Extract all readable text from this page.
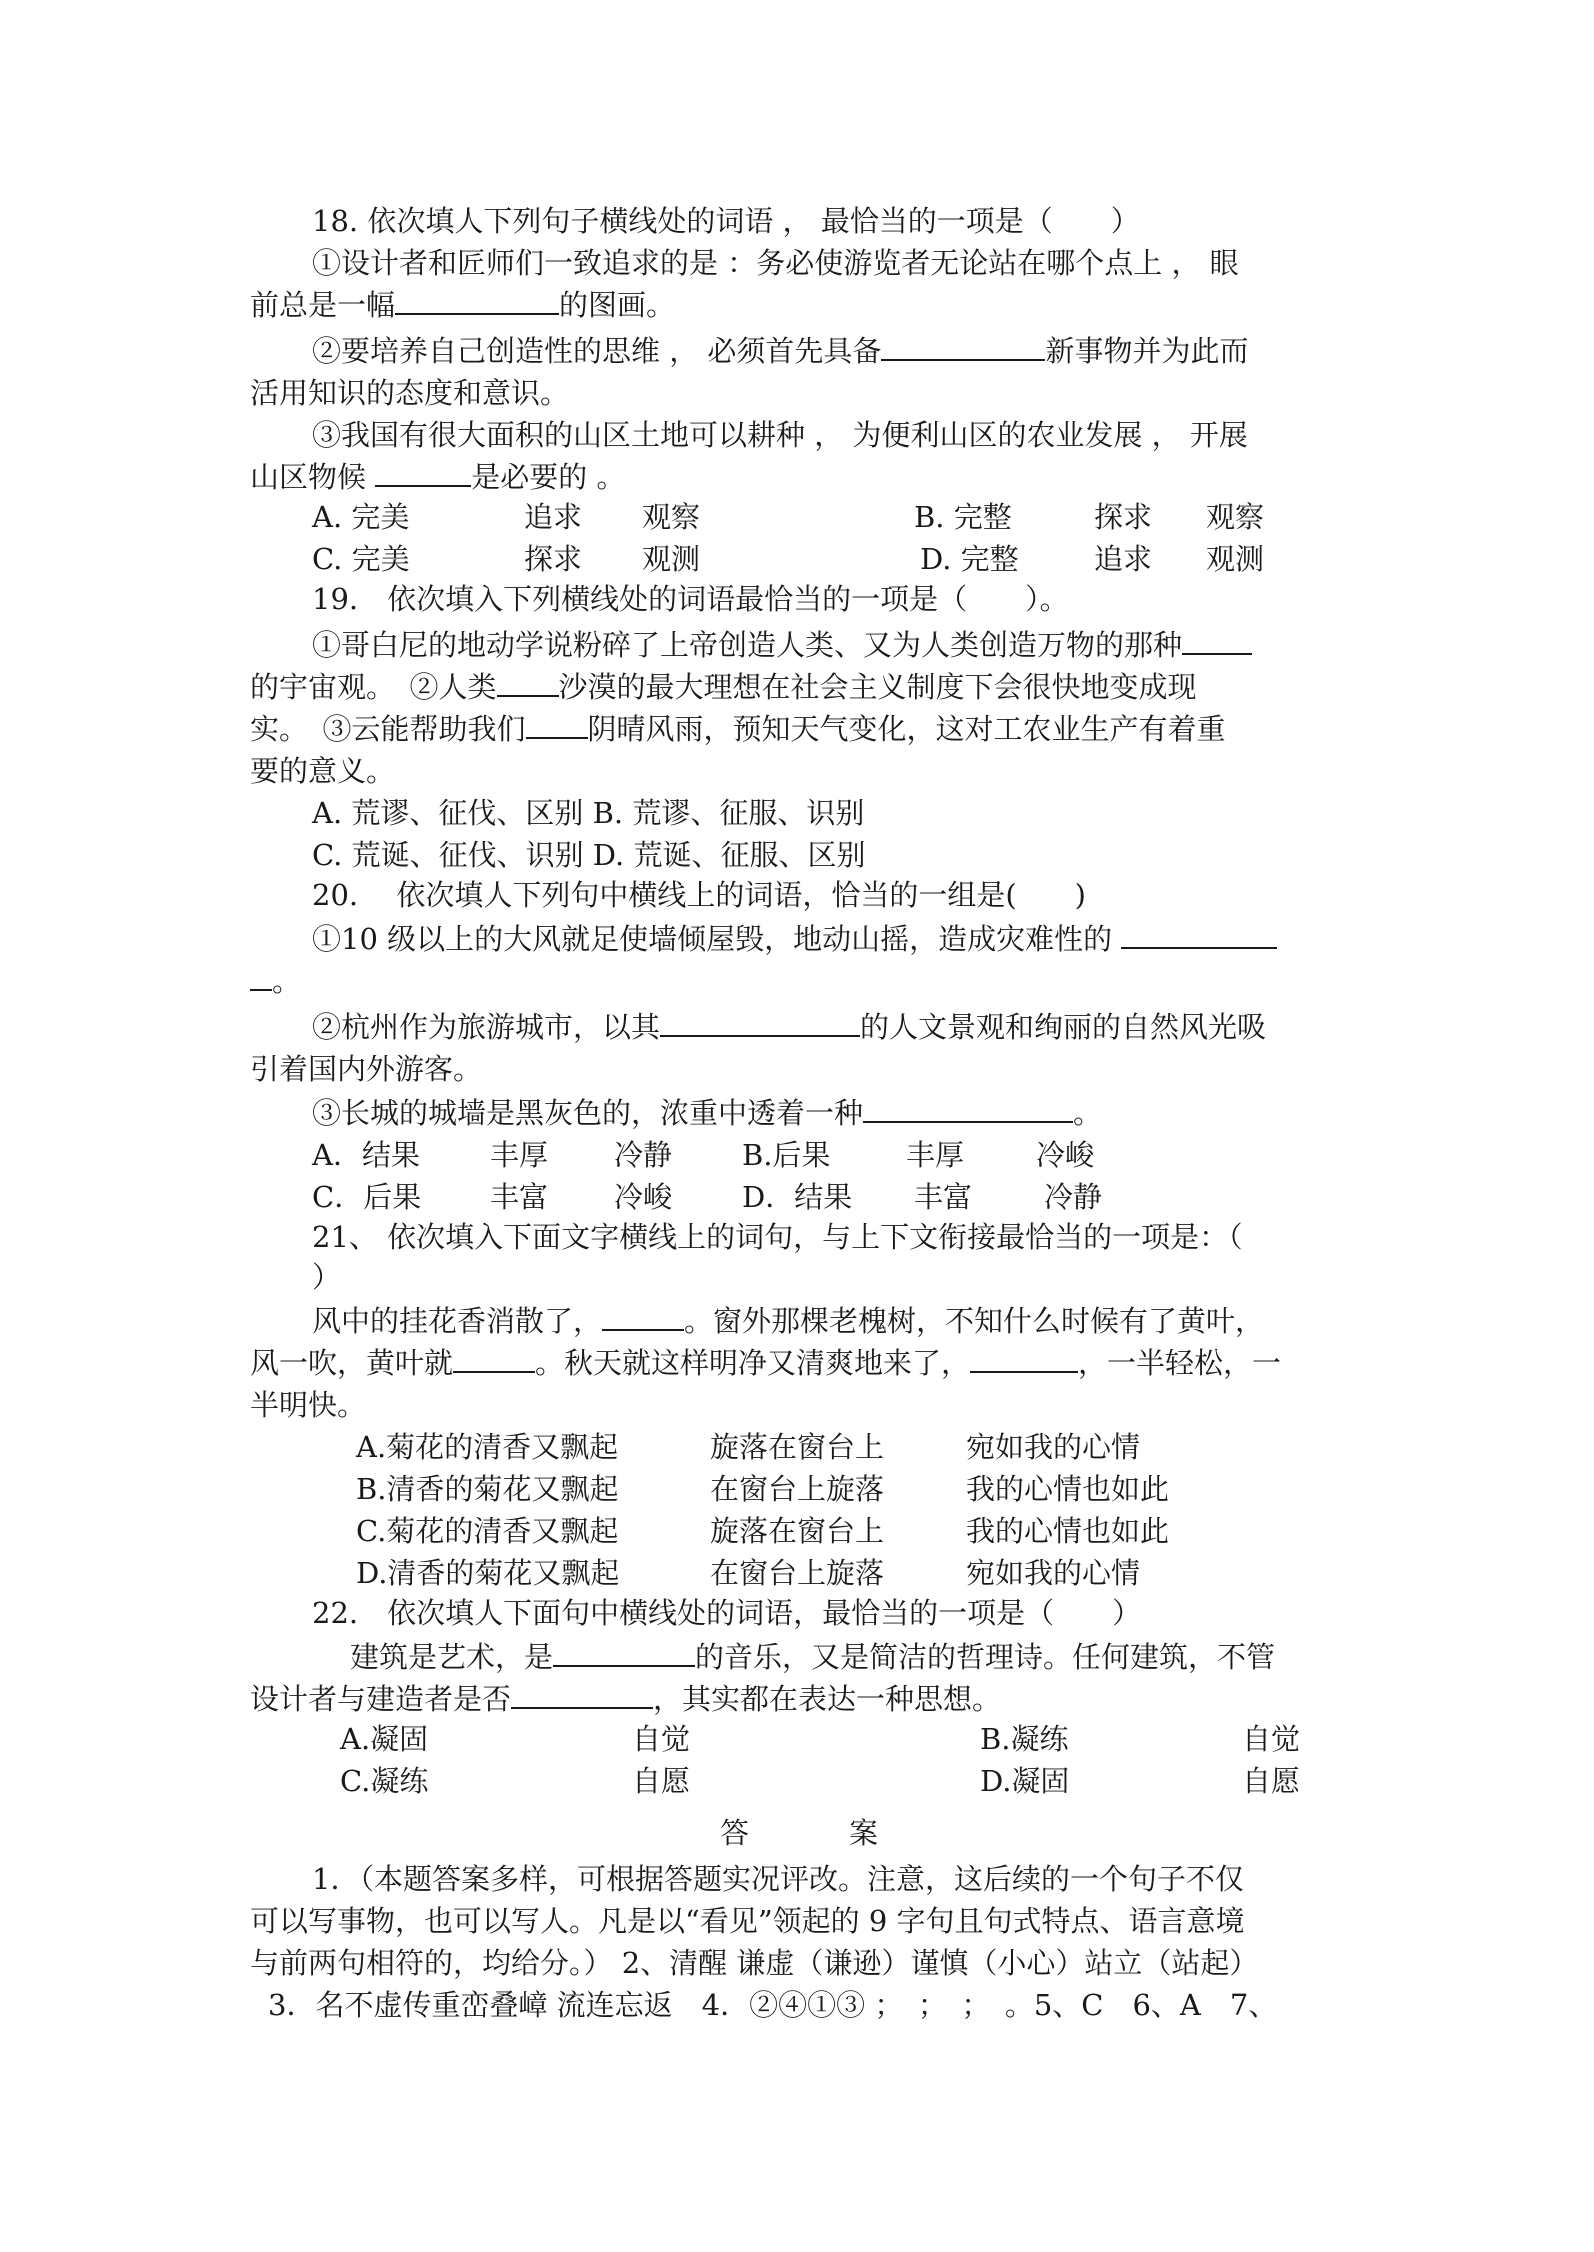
18. 依次填人下列句子横线处的词语 ， 最恰当的一项是（　　）
①设计者和匠师们一致追求的是 ：务必使游览者无论站在哪个点上 ， 眼
前总是一幅	的图画。
②要培养自己创造性的思维 ， 必须首先具备	新事物并为此而
活用知识的态度和意识。
③我国有很大面积的山区土地可以耕种 ， 为便利山区的农业发展 ， 开展
山区物候	是必要的 。
A. 完美	追求	观察	B. 完整	探求	观察
C. 完美	探求	观测	D. 完整	追求	观测
19.　依次填入下列横线处的词语最恰当的一项是（　　）。
①哥白尼的地动学说粉碎了上帝创造人类、又为人类创造万物的那种
的宇宙观。　②人类 沙漠的最大理想在社会主义制度下会很快地变成现
实。　③云能帮助我们 阴晴风雨，预知天气变化，这对工农业生产有着重
要的意义。
A. 荒谬、征伐、区别 B. 荒谬、征服、识别
C. 荒诞、征伐、识别 D. 荒诞、征服、区别
20.　 依次填人下列句中横线上的词语，恰当的一组是(　　)
①10 级以上的大风就足使墙倾屋毁，地动山摇，造成灾难性的
。
②杭州作为旅游城市，以其	的人文景观和绚丽的自然风光吸
引着国内外游客。
③长城的城墙是黑灰色的，浓重中透着一种	。
A．结果	丰厚	冷静	B.后果	丰厚	冷峻
C．后果	丰富	冷峻	D．结果	丰富	冷静
21、 依次填入下面文字横线上的词句，与上下文衔接最恰当的一项是：（
）
风中的挂花香消散了，	。窗外那棵老槐树，不知什么时候有了黄叶，
风一吹，黄叶就	。秋天就这样明净又清爽地来了，	，一半轻松，一
半明快。
A.菊花的清香又飘起	旋落在窗台上	宛如我的心情
B.清香的菊花又飘起	在窗台上旋落	我的心情也如此
C.菊花的清香又飘起	旋落在窗台上	我的心情也如此
D.清香的菊花又飘起	在窗台上旋落	宛如我的心情
22.　依次填人下面句中横线处的词语，最恰当的一项是（　　）
建筑是艺术，是	的音乐，又是简洁的哲理诗。任何建筑，不管
设计者与建造者是否	，其实都在表达一种思想。
A.凝固	自觉	B.凝练	自觉
C.凝练	自愿	D.凝固	自愿
答	案
1．（本题答案多样，可根据答题实况评改。注意，这后续的一个句子不仅
可以写事物，也可以写人。凡是以“看见”领起的 9 字句且句式特点、语言意境
与前两句相符的，均给分。） 2、清醒 谦虚（谦逊）谨慎（小心）站立（站起）
3．名不虚传重峦叠嶂 流连忘返　4．②④①③ ；　；　；　。5、C　6、A　7、
